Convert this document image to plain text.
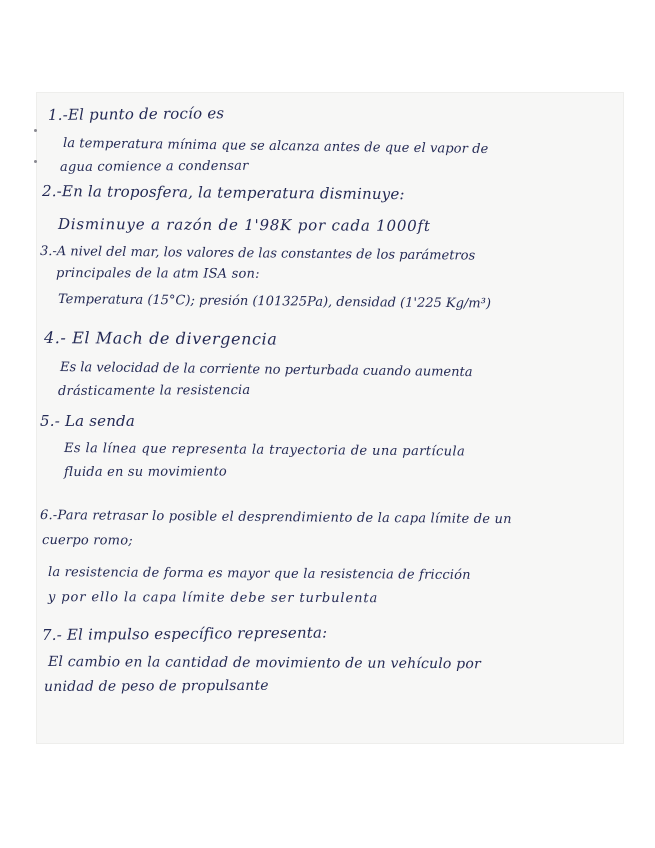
1.-El punto de rocío es
la temperatura mínima que se alcanza antes de que el vapor de
agua comience a condensar
2.-En la troposfera, la temperatura disminuye:
Disminuye a razón de 1'98K por cada 1000ft
3.-A nivel del mar, los valores de las constantes de los parámetros
principales de la atm ISA son:
Temperatura (15°C); presión (101325Pa), densidad (1'225 Kg/m³)
4.- El Mach de divergencia
Es la velocidad de la corriente no perturbada cuando aumenta
drásticamente la resistencia
5.- La senda
Es la línea que representa la trayectoria de una partícula
fluida en su movimiento
6.-Para retrasar lo posible el desprendimiento de la capa límite de un
cuerpo romo;
la resistencia de forma es mayor que la resistencia de fricción
y por ello la capa límite debe ser turbulenta
7.- El impulso específico representa:
El cambio en la cantidad de movimiento de un vehículo por
unidad de peso de propulsante
